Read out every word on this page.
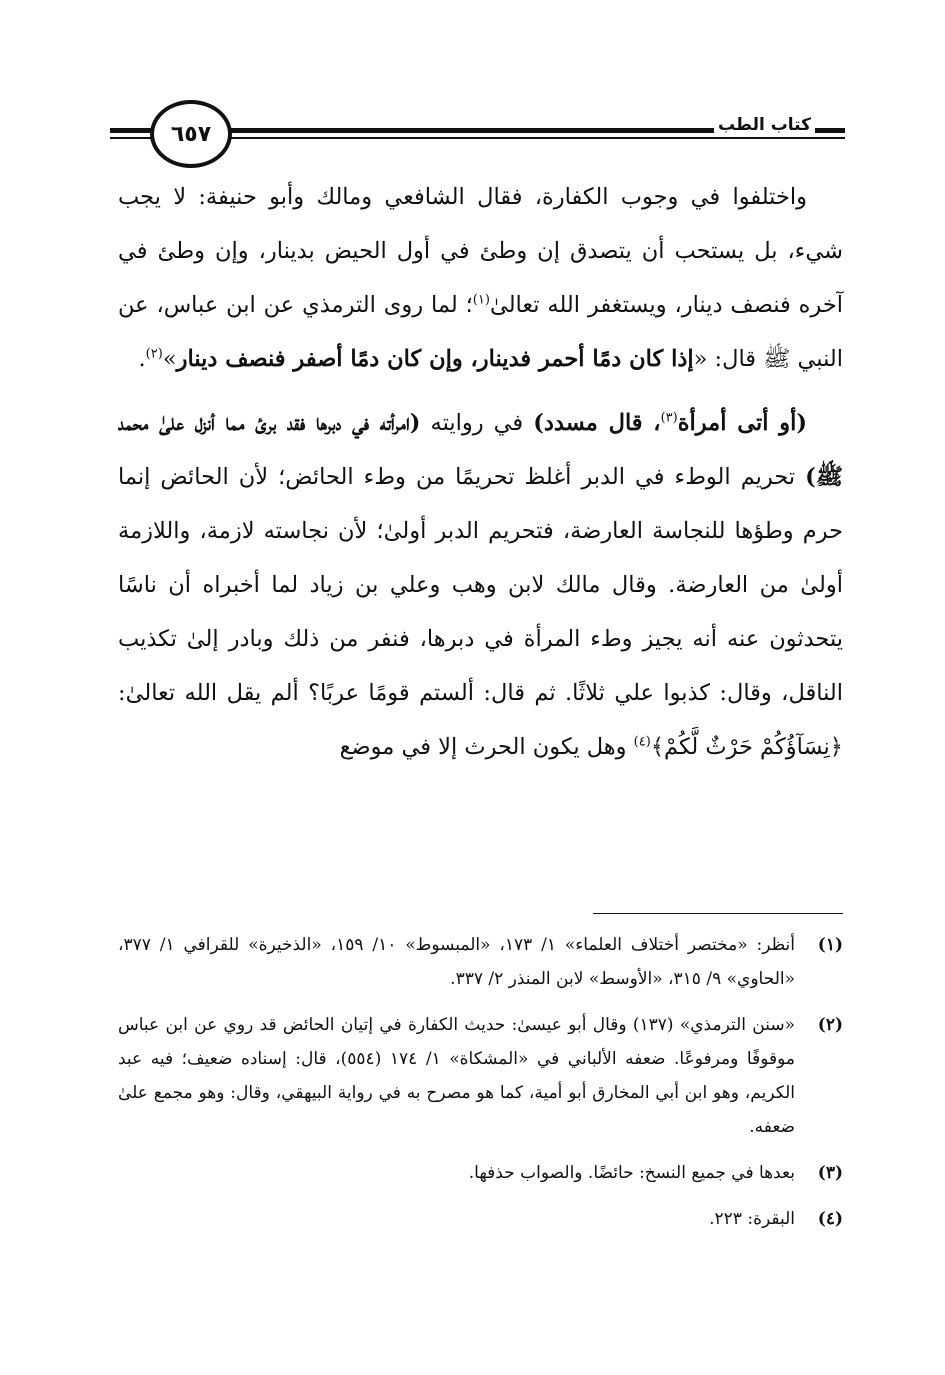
٦٥٧	كتاب الطب

واختلفوا في وجوب الكفارة، فقال الشافعي ومالك وأبو حنيفة: لا يجب شيء، بل يستحب أن يتصدق إن وطئ في أول الحيض بدينار، وإن وطئ في آخره فنصف دينار، ويستغفر الله تعالىٰ$^{(١)}$؛ لما روى الترمذي عن ابن عباس، عن النبي ﷺ قال: «إذا كان دمًا أحمر فدينار، وإن كان دمًا أصفر فنصف دينار»$^{(٢)}$.

(أو أتى أمرأة$^{(٣)}$، قال مسدد) في روايته (امرأته في دبرها فقد برئ مما أنزل علىٰ محمد ﷺ) تحريم الوطء في الدبر أغلظ تحريمًا من وطء الحائض؛ لأن الحائض إنما حرم وطؤها للنجاسة العارضة، فتحريم الدبر أولىٰ؛ لأن نجاسته لازمة، واللازمة أولىٰ من العارضة. وقال مالك لابن وهب وعلي بن زياد لما أخبراه أن ناسًا يتحدثون عنه أنه يجيز وطء المرأة في دبرها، فنفر من ذلك وبادر إلىٰ تكذيب الناقل، وقال: كذبوا علي ثلاثًا. ثم قال: ألستم قومًا عربًا؟ ألم يقل الله تعالىٰ: ﴿نِسَآؤُكُمْ حَرْثٌ لَّكُمْ﴾$^{(٤)}$ وهل يكون الحرث إلا في موضع

(١)
أنظر: «مختصر أختلاف العلماء» ١/ ١٧٣، «المبسوط» ١٠/ ١٥٩، «الذخيرة» للقرافي ١/ ٣٧٧، «الحاوي» ٩/ ٣١٥، «الأوسط» لابن المنذر ٢/ ٣٣٧.
(٢)
«سنن الترمذي» (١٣٧) وقال أبو عيسىٰ: حديث الكفارة في إتيان الحائض قد روي عن ابن عباس موقوفًا ومرفوعًا. ضعفه الألباني في «المشكاة» ١/ ١٧٤ (٥٥٤)، قال: إسناده ضعيف؛ فيه عبد الكريم، وهو ابن أبي المخارق أبو أمية، كما هو مصرح به في رواية البيهقي، وقال: وهو مجمع علىٰ ضعفه.
(٣)
بعدها في جميع النسخ: حائضًا. والصواب حذفها.
(٤)
البقرة: ٢٢٣.
